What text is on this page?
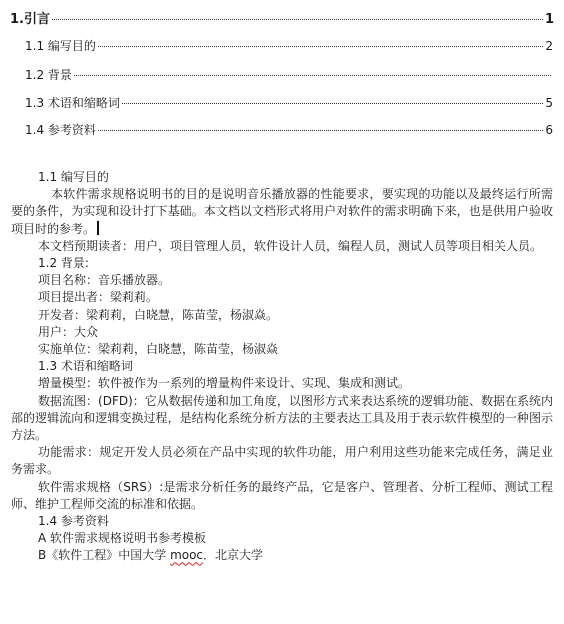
1.引言	1
1.1 编写目的	2
1.2 背景
1.3 术语和缩略词	5
1.4 参考资料	6

1.1 编写目的

本软件需求规格说明书的目的是说明音乐播放器的性能要求，要实现的功能以及最终运行所需要的条件，为实现和设计打下基础。本文档以文档形式将用户对软件的需求明确下来，也是供用户验收项目时的参考。

本文档预期读者：用户，项目管理人员，软件设计人员，编程人员，测试人员等项目相关人员。

1.2 背景:

项目名称：音乐播放器。

项目提出者：梁莉莉。

开发者：梁莉莉，白晓慧，陈苗莹，杨淑焱。

用户：大众

实施单位：梁莉莉，白晓慧，陈苗莹，杨淑焱

1.3 术语和缩略词

增量模型：软件被作为一系列的增量构件来设计、实现、集成和测试。

数据流图：(DFD)：它从数据传递和加工角度，以图形方式来表达系统的逻辑功能、数据在系统内部的逻辑流向和逻辑变换过程，是结构化系统分析方法的主要表达工具及用于表示软件模型的一种图示方法。

功能需求：规定开发人员必须在产品中实现的软件功能，用户利用这些功能来完成任务，满足业务需求。

软件需求规格（SRS）:是需求分析任务的最终产品，它是客户、管理者、分析工程师、测试工程师、维护工程师交流的标准和依据。

1.4 参考资料

A 软件需求规格说明书参考模板

B《软件工程》中国大学 mooc．北京大学
